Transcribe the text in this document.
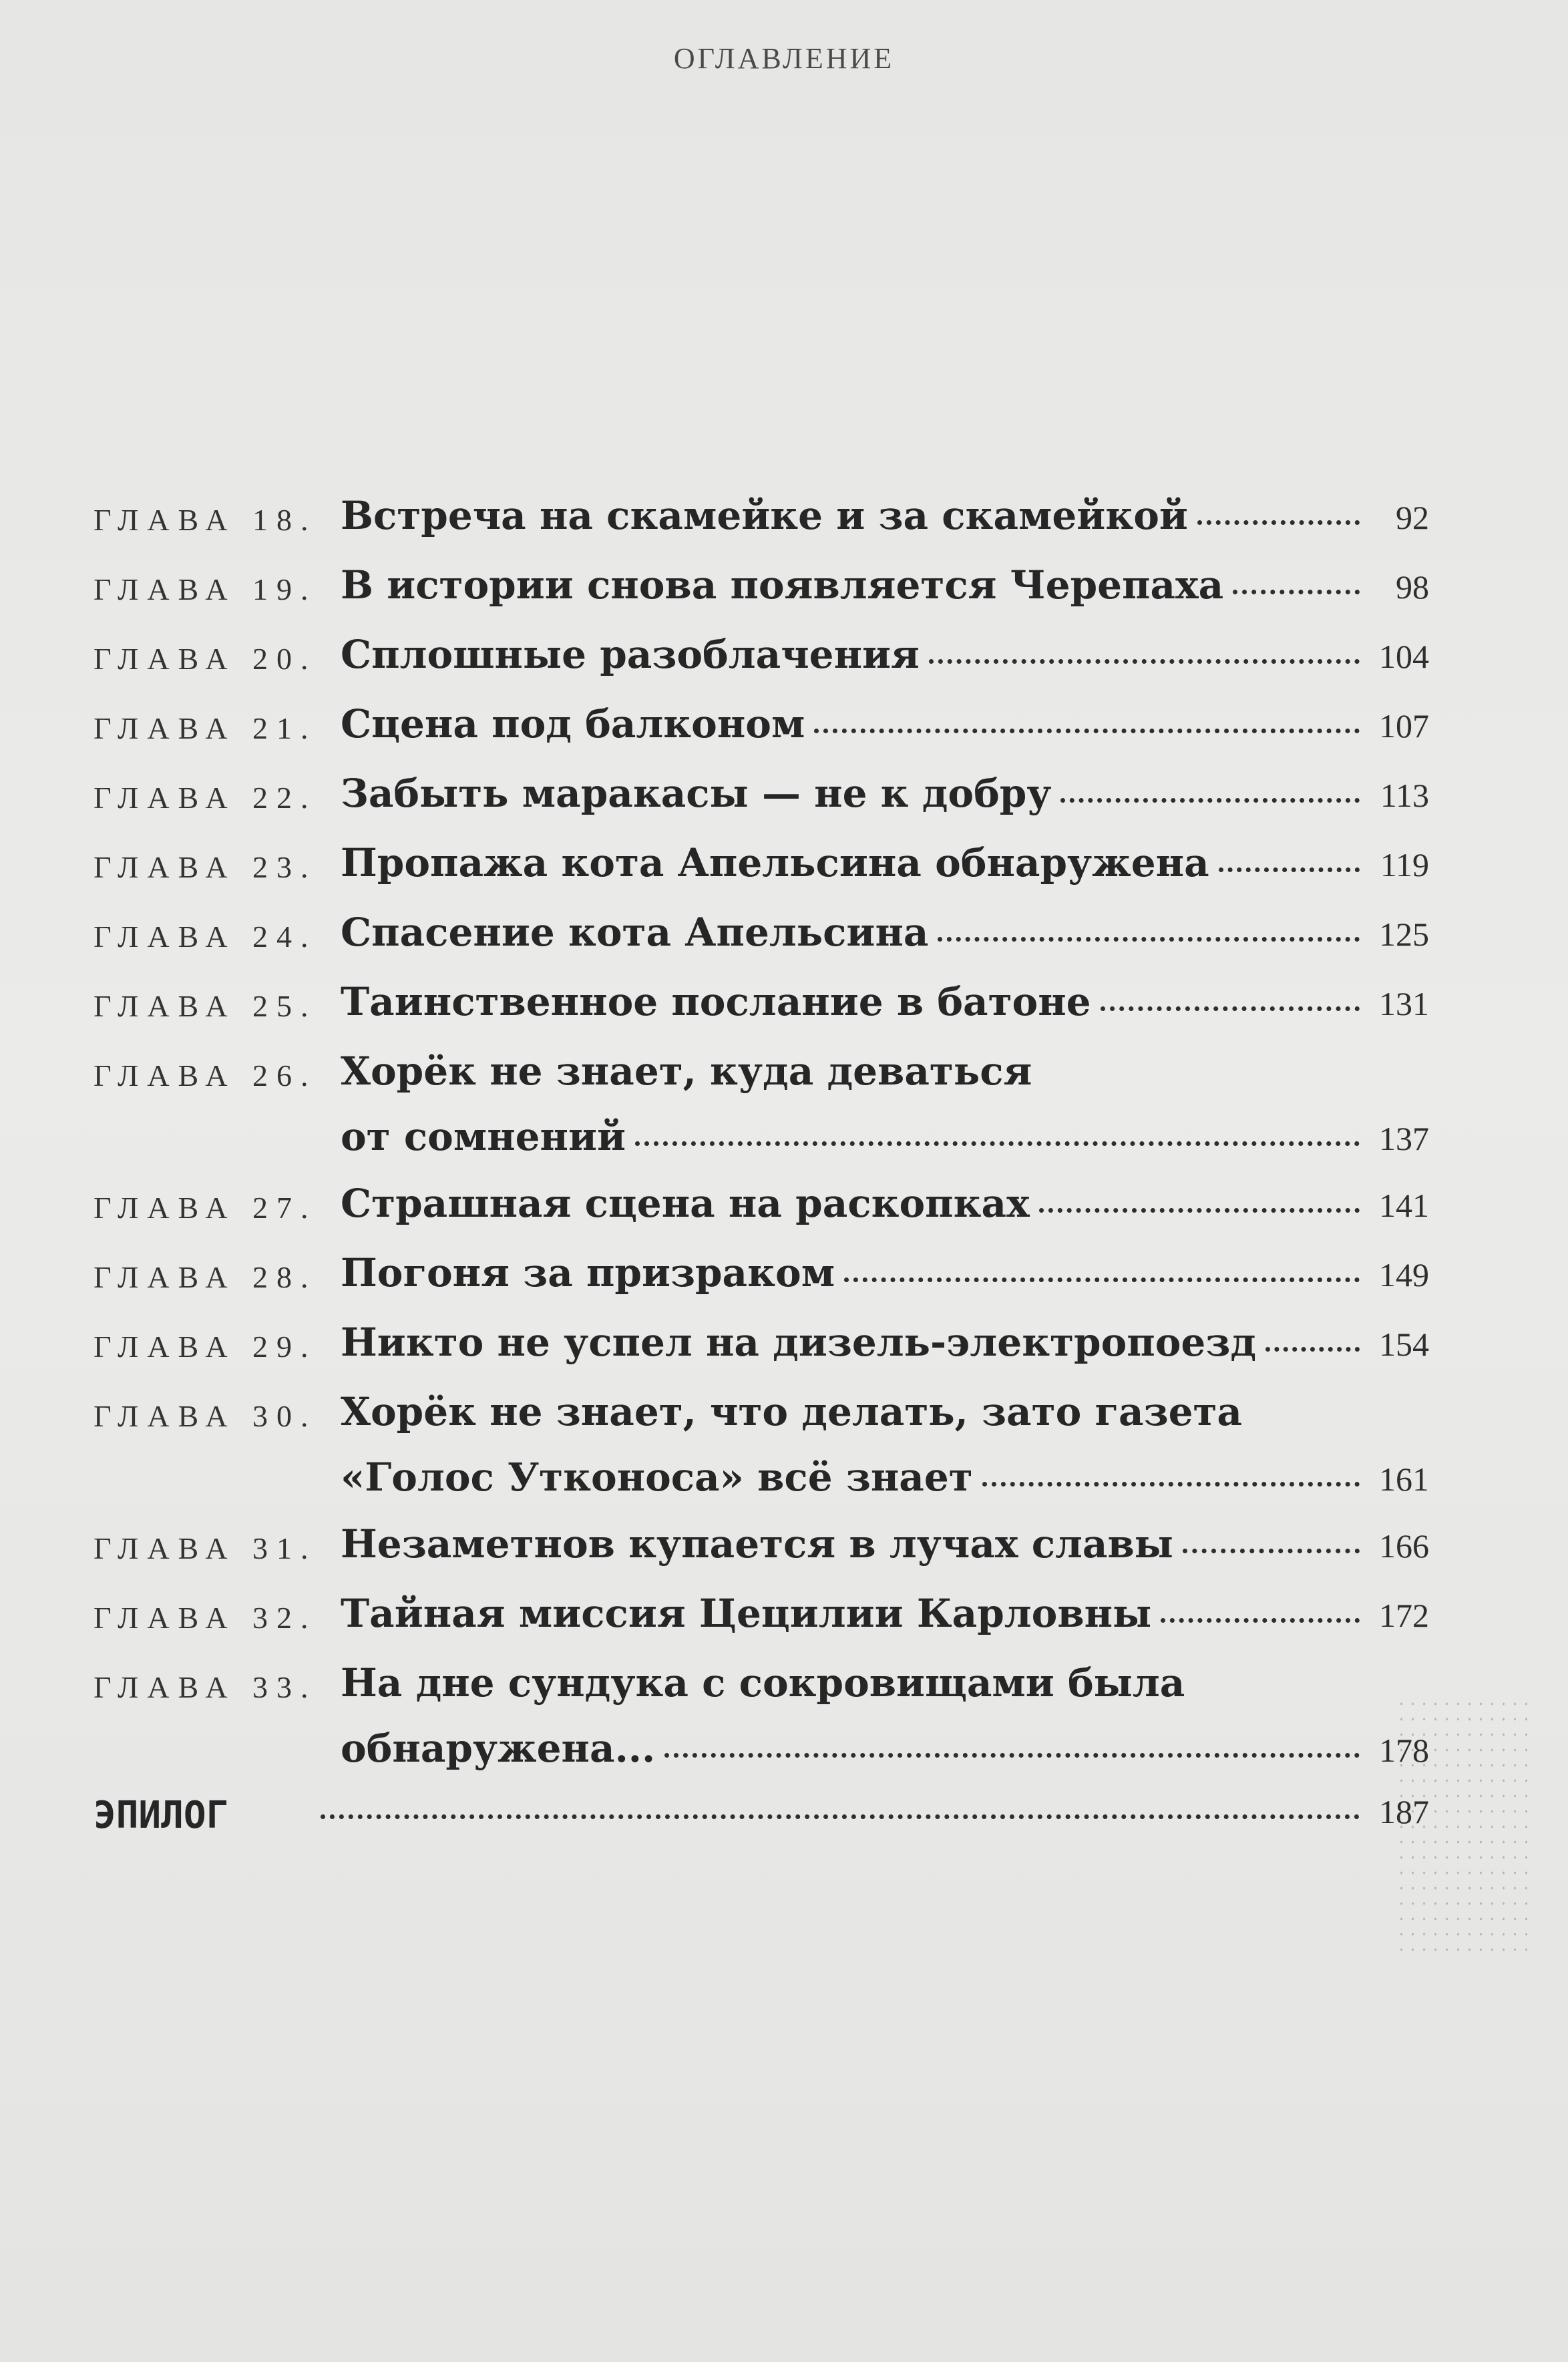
ОГЛАВЛЕНИЕ
ГЛАВА 18. Встреча на скамейке и за скамейкой	92
ГЛАВА 19. В истории снова появляется Черепаха	98
ГЛАВА 20. Сплошные разоблачения	104
ГЛАВА 21. Сцена под балконом	107
ГЛАВА 22. Забыть маракасы — не к добру	113
ГЛАВА 23. Пропажа кота Апельсина обнаружена	119
ГЛАВА 24. Спасение кота Апельсина	125
ГЛАВА 25. Таинственное послание в батоне	131
ГЛАВА 26. Хорёк не знает, куда деваться
от сомнений	137
ГЛАВА 27. Страшная сцена на раскопках	141
ГЛАВА 28. Погоня за призраком	149
ГЛАВА 29. Никто не успел на дизель-электропоезд	154
ГЛАВА 30. Хорёк не знает, что делать, зато газета
«Голос Утконоса» всё знает	161
ГЛАВА 31. Незаметнов купается в лучах славы	166
ГЛАВА 32. Тайная миссия Цецилии Карловны	172
ГЛАВА 33. На дне сундука с сокровищами была
обнаружена...	178
ЭПИЛОГ	187
